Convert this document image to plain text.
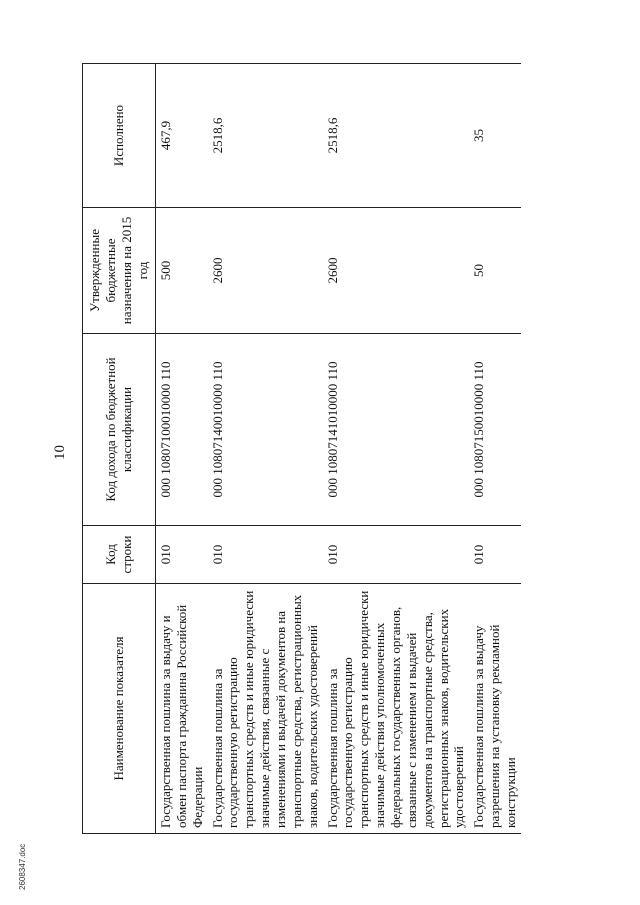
10
2608347.doc
Наименование показателя	Код строки	Код дохода по бюджетной классификации	Утвержденные бюджетные назначения на 2015 год	Исполнено
Государственная пошлина за выдачу и обмен паспорта гражданина Российской Федерации	010	000 10807100010000 110	500	467,9
Государственная пошлина за государственную регистрацию транспортных средств и иные юридически значимые действия, связанные с изменениями и выдачей документов на транспортные средства, регистрационных знаков, водительских удостоверений	010	000 10807140010000 110	2600	2518,6
Государственная пошлина за государственную регистрацию транспортных средств и иные юридически значимые действия уполномоченных федеральных государственных органов, связанные с изменением и выдачей документов на транспортные средства, регистрационных знаков, водительских удостоверений	010	000 10807141010000 110	2600	2518,6
Государственная пошлина за выдачу разрешения на установку рекламной конструкции	010	000 10807150010000 110	50	35
